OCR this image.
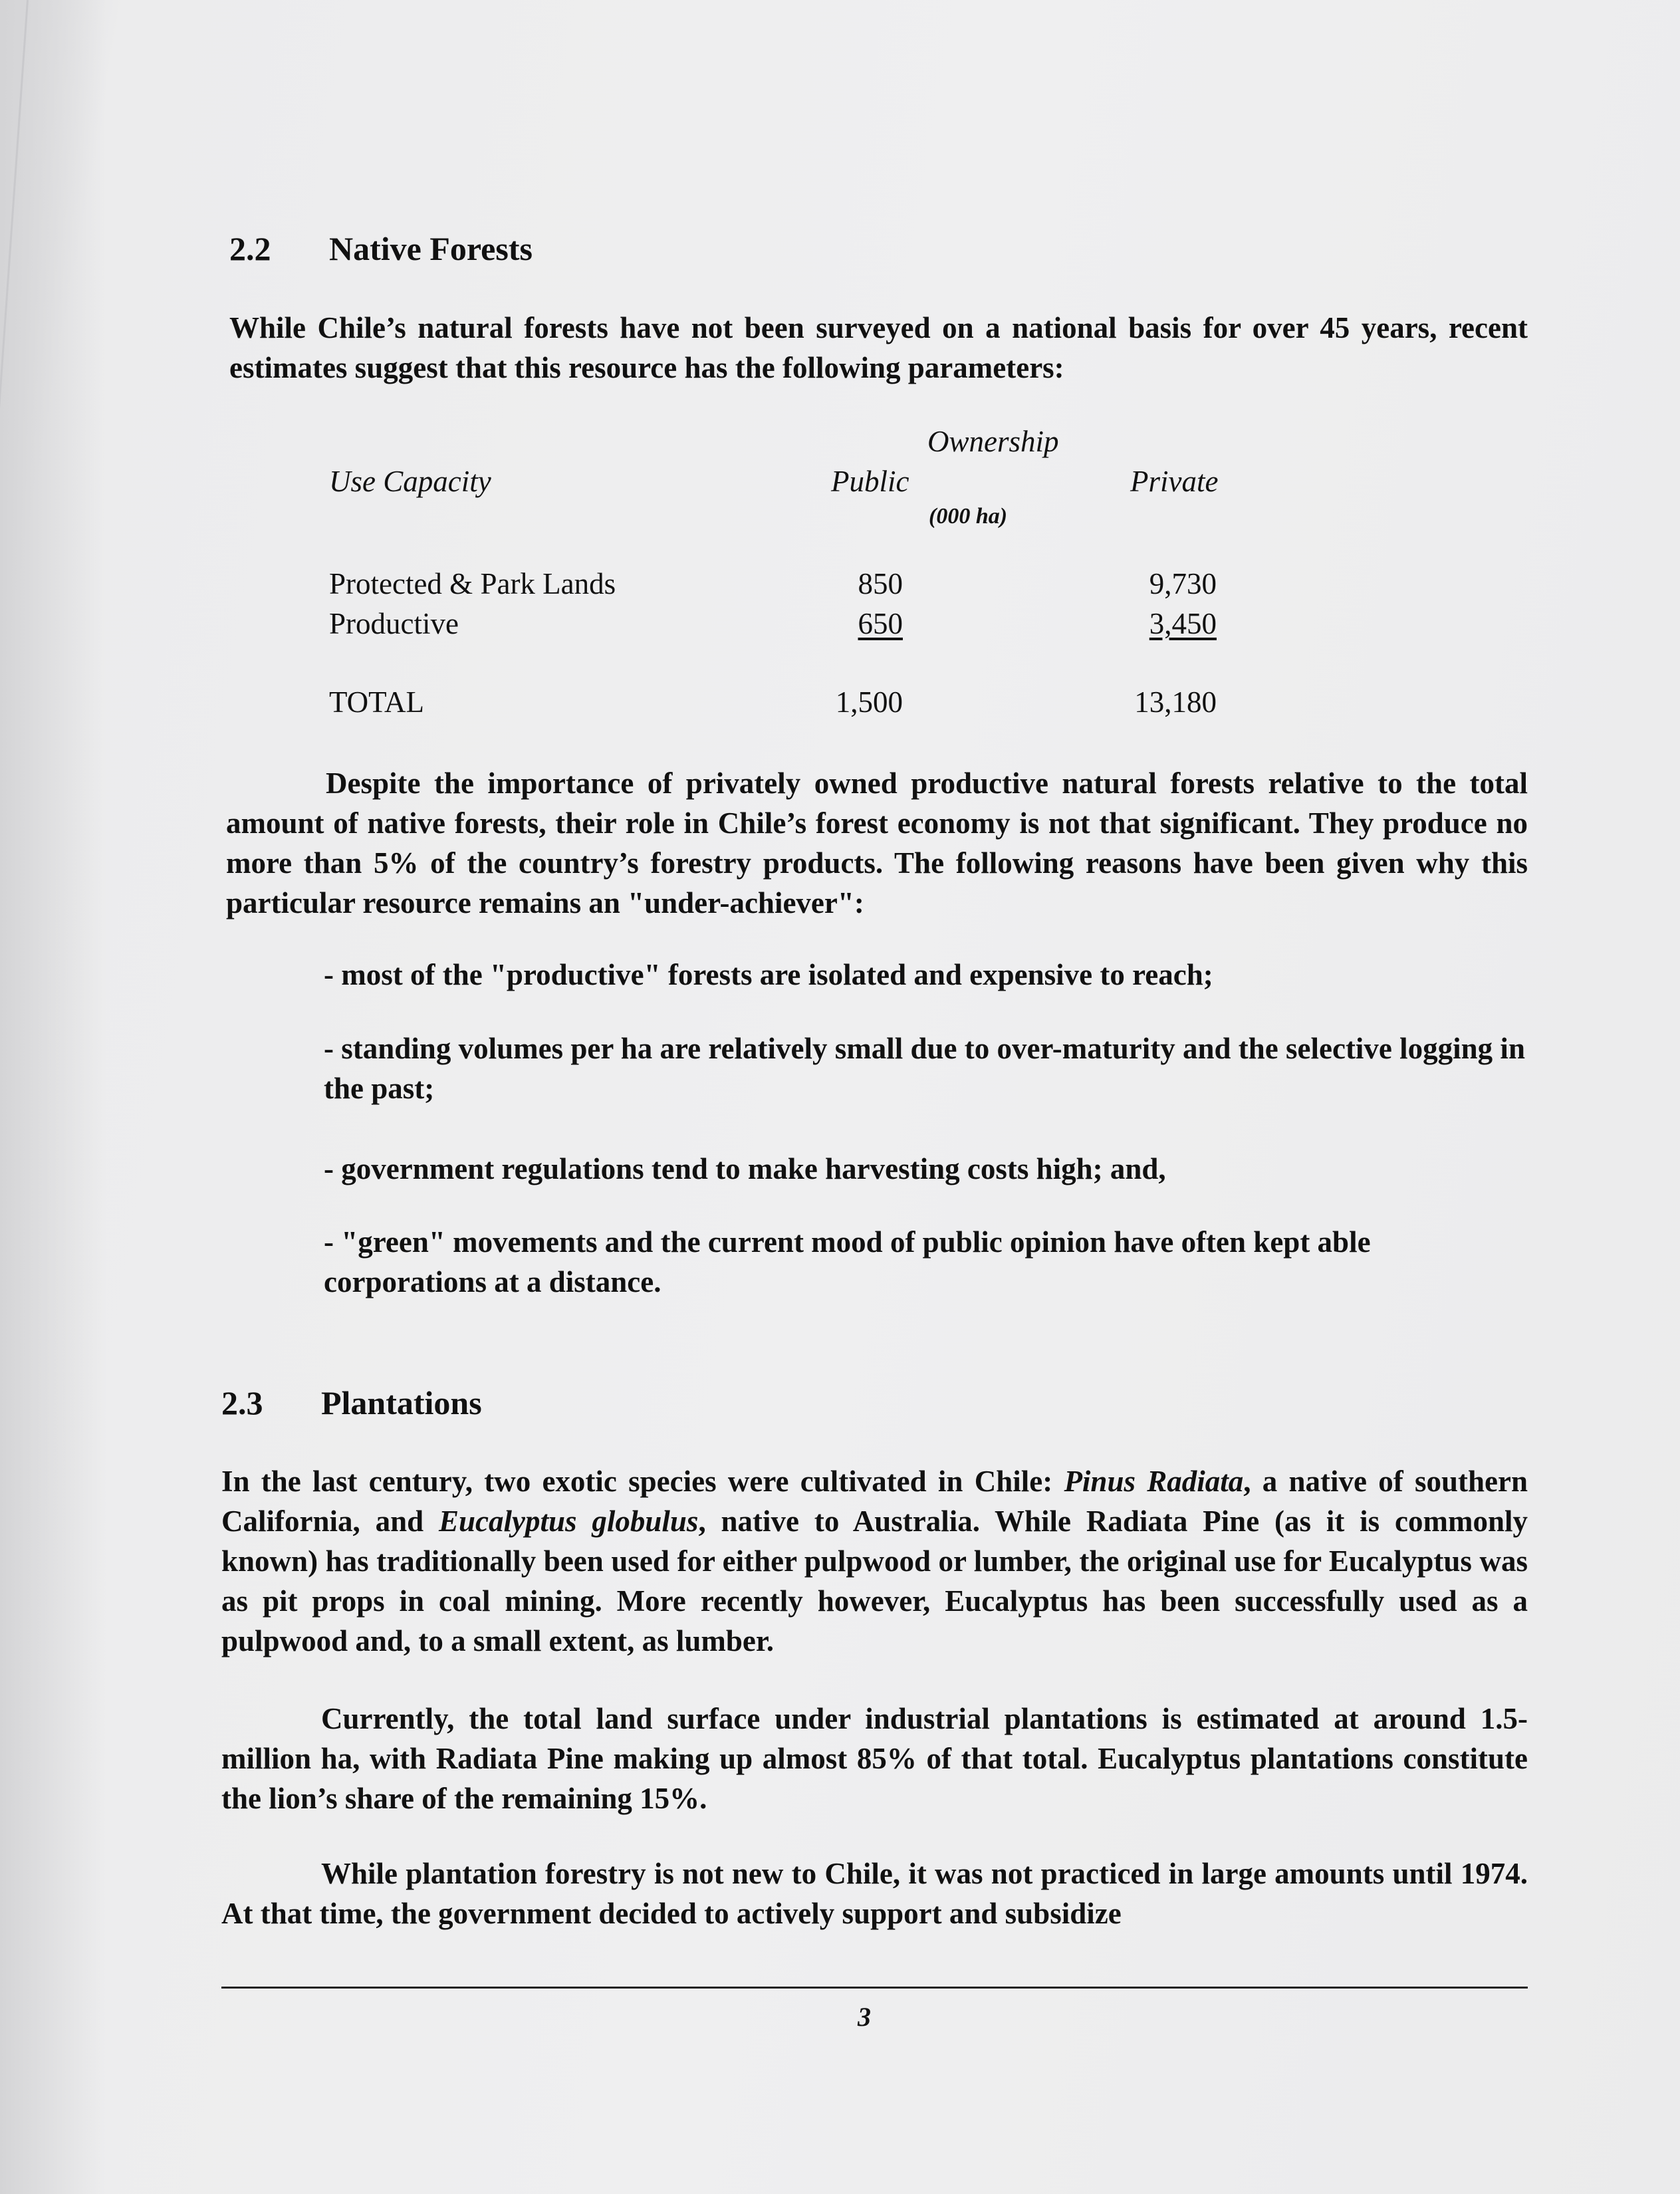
2.2 Native Forests
While Chile’s natural forests have not been surveyed on a national basis for over 45 years, recent estimates suggest that this resource has the following parameters:
Ownership
Use Capacity	Public	Private
(000 ha)
Protected & Park Lands	850	9,730
Productive	650	3,450
TOTAL	1,500	13,180
Despite the importance of privately owned productive natural forests relative to the total amount of native forests, their role in Chile’s forest economy is not that significant. They produce no more than 5% of the country’s forestry products. The following reasons have been given why this particular resource remains an "under-achiever":
- most of the "productive" forests are isolated and expensive to reach;
- standing volumes per ha are relatively small due to over-maturity and the selective logging in the past;
- government regulations tend to make harvesting costs high; and,
- "green" movements and the current mood of public opinion have often kept able corporations at a distance.
2.3 Plantations
In the last century, two exotic species were cultivated in Chile: Pinus Radiata, a native of southern California, and Eucalyptus globulus, native to Australia. While Radiata Pine (as it is commonly known) has traditionally been used for either pulpwood or lumber, the original use for Eucalyptus was as pit props in coal mining. More recently however, Eucalyptus has been successfully used as a pulpwood and, to a small extent, as lumber.
Currently, the total land surface under industrial plantations is estimated at around 1.5-million ha, with Radiata Pine making up almost 85% of that total. Eucalyptus plantations constitute the lion’s share of the remaining 15%.
While plantation forestry is not new to Chile, it was not practiced in large amounts until 1974. At that time, the government decided to actively support and subsidize
3
